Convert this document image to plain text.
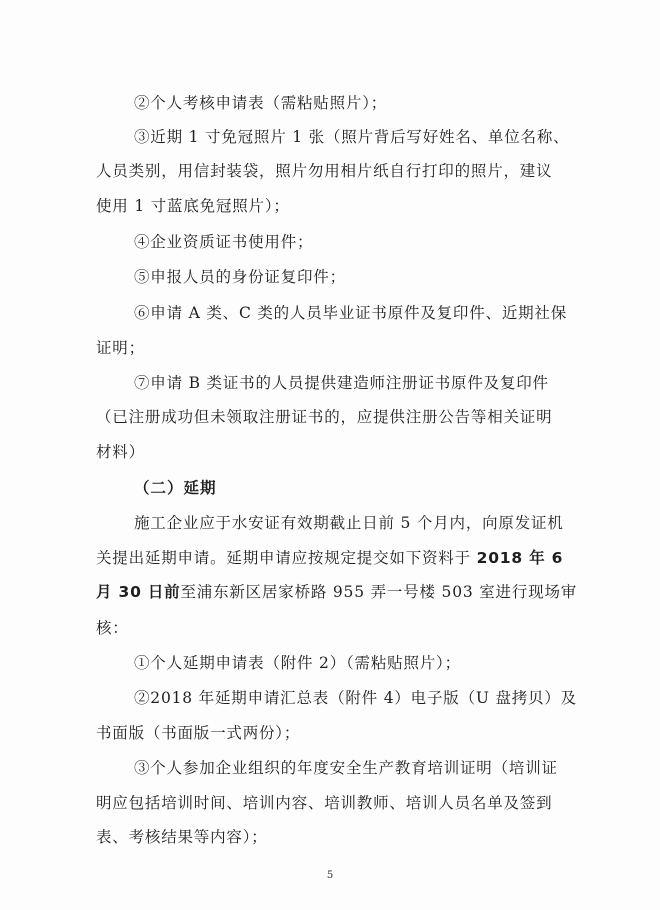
②个人考核申请表（需粘贴照片）；
③近期 1 寸免冠照片 1 张（照片背后写好姓名、单位名称、
人员类别，用信封装袋，照片勿用相片纸自行打印的照片，建议
使用 1 寸蓝底免冠照片）；
④企业资质证书使用件；
⑤申报人员的身份证复印件；
⑥申请 A 类、C 类的人员毕业证书原件及复印件、近期社保
证明；
⑦申请 B 类证书的人员提供建造师注册证书原件及复印件
（已注册成功但未领取注册证书的，应提供注册公告等相关证明
材料）
（二）延期
施工企业应于水安证有效期截止日前 5 个月内，向原发证机
关提出延期申请。延期申请应按规定提交如下资料于 2018 年 6
月 30 日前至浦东新区居家桥路 955 弄一号楼 503 室进行现场审
核：
①个人延期申请表（附件 2）（需粘贴照片）；
②2018 年延期申请汇总表（附件 4）电子版（U 盘拷贝）及
书面版（书面版一式两份）；
③个人参加企业组织的年度安全生产教育培训证明（培训证
明应包括培训时间、培训内容、培训教师、培训人员名单及签到
表、考核结果等内容）；
5
